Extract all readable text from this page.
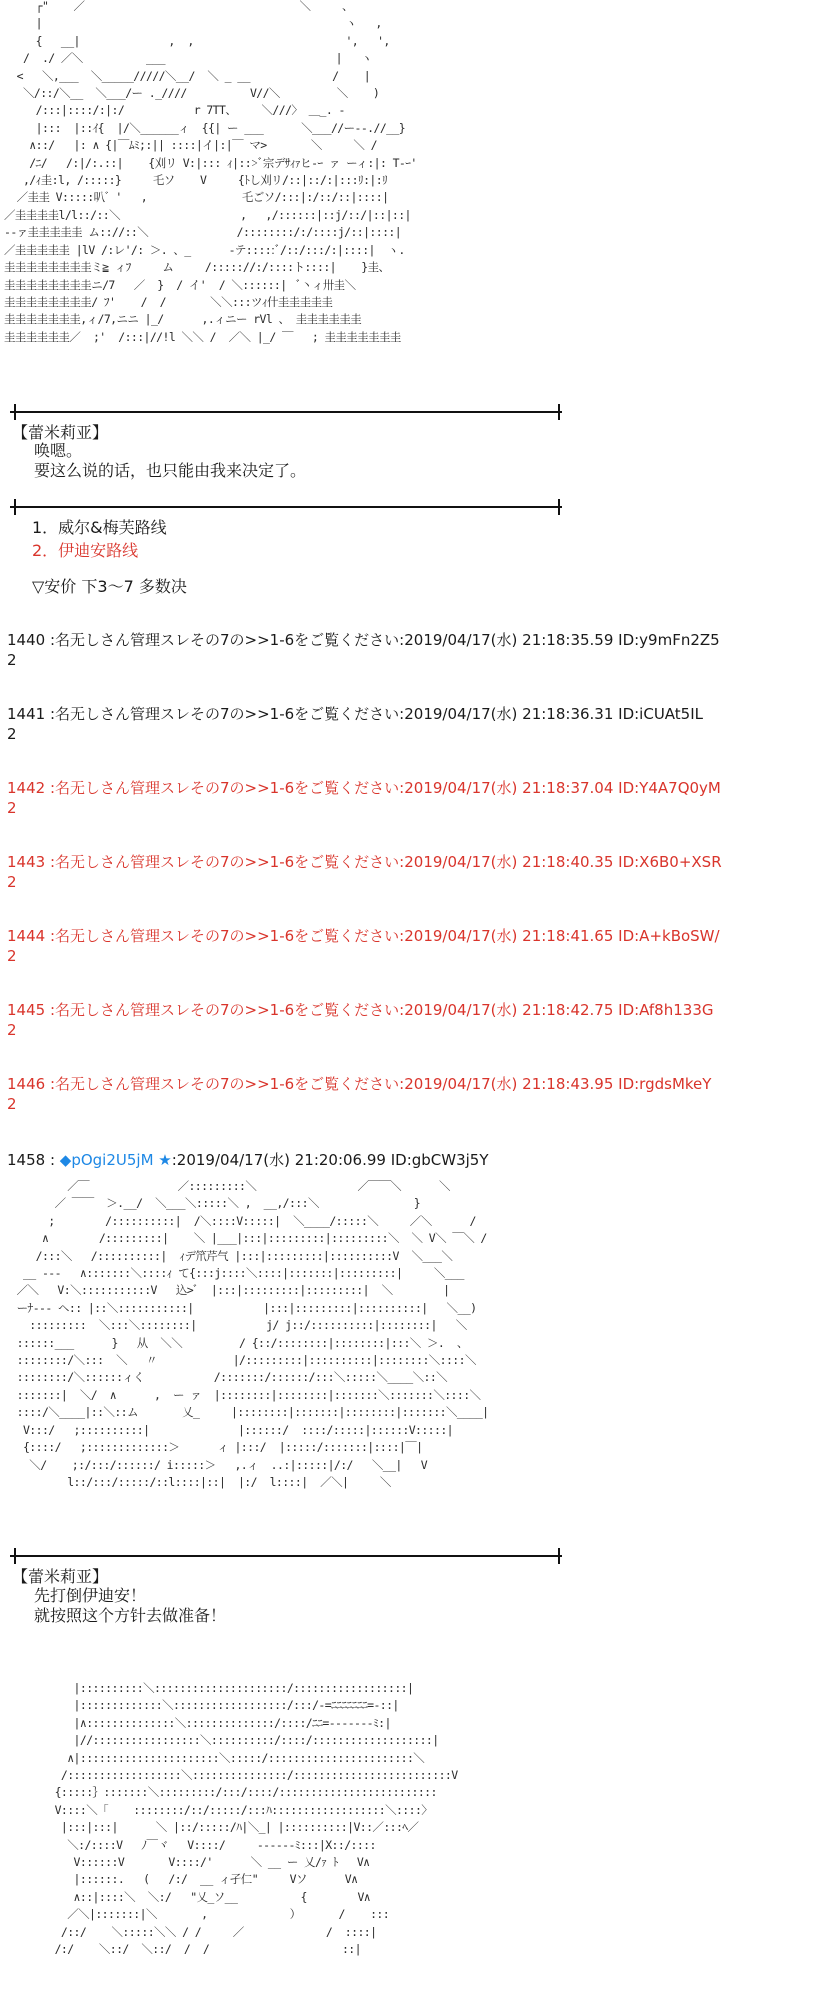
┌"    ／                                  ＼     、
|                                                ヽ   ,
{   __|              ,  ,                        ',   ',
/  ./ ／＼          ___                           |   ヽ
<   ＼,___  ＼_____/////＼__/  ＼ _ __             /    |
＼/::/＼__  ＼___/ー ._////          V//＼         ＼    )
/:::|::::/:|:/           r 7TT、    ＼///〉 ＿_. -
|:::  |::ｲ{  |/＼______ィ  {{| ー ___      ＼___//ー--.//__}
∧::/   |: ∧ {|￣ﾑﾐ;:|| ::::|イ|:|￣ マ>       ＼     ＼ /
/ﾆ/   /:|/:.::|    {刈リ V:|::: ｨ|::>ﾞ宗デｻｨｧヒ-ｰ ァ ーィ:|: T-ｰ'
,/ｨ圭:l, /:::::}     乇ソ    V     {ﾄし刈リ/::|::/:|:::ﾘ:|:ﾘ
／圭圭 V:::::叭゛'   ,               乇ごソ/:::|:/::/::|::::|
／圭圭圭圭l/l::/::＼                   ,   ,/::::::|::j/::/|::|::|
--ァ圭圭圭圭圭 ム:://::＼              /::::::::/:/::::j/::|::::|
／圭圭圭圭圭 |lV /:レ'/: ＞. 、_      -テ:::::ﾞ/::/:::/:|::::|  ヽ.
圭圭圭圭圭圭圭圭ミ≧ ィﾌ     ム     /::::://:/::::ト::::|    }圭、
圭圭圭圭圭圭圭圭ニ/7   ／  }  / イ'  / ＼::::::|  ﾞ丶ィ卅圭＼
圭圭圭圭圭圭圭圭/ ﾌ'    /  /       ＼＼:::ツｨ什圭圭圭圭圭
圭圭圭圭圭圭圭,ィ/7,ニニ |_/      ,.ィニー rVl 、 圭圭圭圭圭圭
圭圭圭圭圭圭／  ;'  /:::|//!l ＼＼ /  ／＼ |_/ ￣   ; 圭圭圭圭圭圭圭
【蕾米莉亚】
唤嗯。
要这么说的话，也只能由我来决定了。
1．威尔&梅芙路线
2．伊迪安路线
▽安价 下3～7 多数决
1440 :名无しさん管理スレその7の>>1-6をご覧ください:2019/04/17(水) 21:18:35.59 ID:y9mFn2Z5
2
1441 :名无しさん管理スレその7の>>1-6をご覧ください:2019/04/17(水) 21:18:36.31 ID:iCUAt5IL
2
1442 :名无しさん管理スレその7の>>1-6をご覧ください:2019/04/17(水) 21:18:37.04 ID:Y4A7Q0yM
2
1443 :名无しさん管理スレその7の>>1-6をご覧ください:2019/04/17(水) 21:18:40.35 ID:X6B0+XSR
2
1444 :名无しさん管理スレその7の>>1-6をご覧ください:2019/04/17(水) 21:18:41.65 ID:A+kBoSW/
2
1445 :名无しさん管理スレその7の>>1-6をご覧ください:2019/04/17(水) 21:18:42.75 ID:Af8h133G
2
1446 :名无しさん管理スレその7の>>1-6をご覧ください:2019/04/17(水) 21:18:43.95 ID:rgdsMkeY
2
1458 : ◆pOgi2U5jM ★:2019/04/17(水) 21:20:06.99 ID:gbCW3j5Y
／￣              ／:::::::::＼                ／￣￣＼      ＼
／ ￣￣  ＞.__/  ＼___＼:::::＼ ,  __,/:::＼               }
;        /::::::::::|  /＼::::V:::::|  ＼____/:::::＼     ／＼      /
∧        /:::::::::|    ＼ |___|:::|:::::::::|:::::::::＼  ＼ V＼ ￣＼ /
/:::＼   /::::::::::|  ｨデ笊芹气 |:::|:::::::::|::::::::::V  ＼___＼
__ ---   ∧:::::::＼::::ｨ て{:::j::::＼::::|:::::::|:::::::::|     ＼___
／＼   V:＼:::::::::::V   込>ﾞ  |:::|:::::::::|:::::::::|  ＼        |
ーﾅ--- ヘ:: |::＼:::::::::::|           |:::|:::::::::|::::::::::|   ＼__)
:::::::::  ＼:::＼::::::::|           j/ j::/::::::::::|::::::::|   ＼
::::::___      }   从  ＼＼         / {::/::::::::|::::::::|:::＼ ＞.  、
::::::::/＼:::  ＼   〃            |/:::::::::|::::::::::|::::::::＼::::＼
::::::::/＼::::::ィく           /:::::::/::::::/:::＼:::::＼____＼::＼
:::::::|  ＼/  ∧      ,  ー ァ  |::::::::|::::::::|:::::::＼:::::::＼::::＼
::::/＼____|::＼::ム       乂_     |::::::::|:::::::|::::::::|:::::::＼____|
V:::/   ;::::::::::|              |::::::/  ::::/:::::|::::::V:::::|
{::::/   ;:::::::::::::＞      ィ |:::/  |:::::/:::::::|::::|￣|
＼/    ;:/:::/::::::/ i:::::＞   ,.ィ  ..:|:::::|/:/   ＼__|   V
l::/:::/:::::/::l::::|::|  |:/  l::::|  ／＼|     ＼
【蕾米莉亚】
先打倒伊迪安！
就按照这个方针去做准备！
|::::::::::＼:::::::::::::::::::::/::::::::::::::::::|
|:::::::::::::＼::::::::::::::::::/:::/-=ﾆﾆﾆﾆﾆﾆﾆ=-::|
|∧::::::::::::::＼::::::::::::::/::::/ﾆﾆ=-------ﾐ:|
|//:::::::::::::::::＼::::::::::/::::/:::::::::::::::::::|
∧|::::::::::::::::::::::＼:::::/:::::::::::::::::::::::＼
/::::::::::::::::::＼:::::::::::::::/:::::::::::::::::::::::::V
{:::::｝:::::::＼:::::::::/:::/::::/:::::::::::::::::::::::::
V::::＼「    ::::::::/::/:::::/:::ﾊ::::::::::::::::::＼::::〉
|:::|:::|      ＼ |::/:::::/ﾊ|＼_| |::::::::::|V::／:::ﾍ／
＼:/::::V   ﾉ￣ヾ   V::::/     ------ﾐ:::|X::/::::
V::::::V       V::::/'      ＼ __ ー 乂/ｧ ﾄ   V∧
|::::::.   (   /:/  __ ィ孑仁"     Vソ      V∧
∧::|::::＼  ＼:/   "乂_ソ__          {        V∧
／＼|:::::::|＼       ,             ）      /    :::
/::/    ＼:::::＼＼ / /     ／             /  ::::|
/:/    ＼::/  ＼::/  /  /                     ::|
